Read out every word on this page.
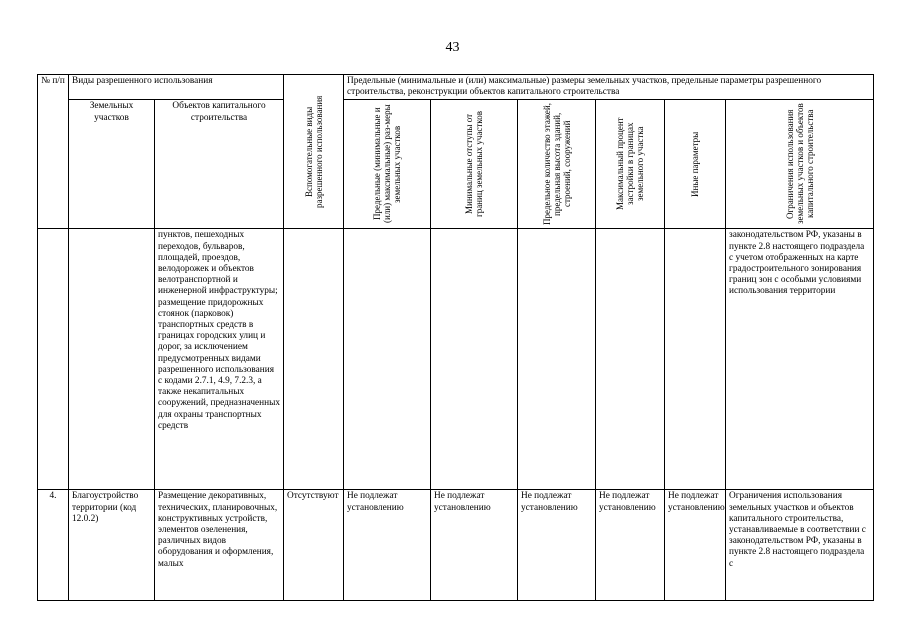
43
№ п/п	Виды разрешенного использования		Вспомогательные виды разрешенного использования	Предельные (минимальные и (или) максимальные) размеры земельных участков, предельные параметры разрешенного строительства, реконструкции объектов капитального строительства					
	Земельных участков	Объектов капитального строительства		Предельные (минимальные и (или) максимальные) раз-меры земельных участков	Минимальные отступы от границ земельных участков	Предельное количество этажей, предельная высота зданий, строений, сооружений	Максимальный процент застройки в границах земельного участка	Иные параметры	Ограничения использования земельных участков и объектов капитального строительства

		пунктов, пешеходных переходов, бульваров, площадей, проездов, велодорожек и объектов велотранспортной и инженерной инфраструктуры; размещение придорожных стоянок (парковок) транспортных средств в границах городских улиц и дорог, за исключением предусмотренных видами разрешенного использования с кодами 2.7.1, 4.9, 7.2.3, а также некапитальных сооружений, предназначенных для охраны транспортных средств							законодательством РФ, указаны в пункте 2.8 настоящего подраздела с учетом отображенных на карте градостроительного зонирования границ зон с особыми условиями использования территории
4.	Благоустройство территории (код 12.0.2)	Размещение декоративных, технических, планировочных, конструктивных устройств, элементов озеленения, различных видов оборудования и оформления, малых	Отсутствуют	Не подлежат установлению	Не подлежат установлению	Не подлежат установлению	Не подлежат установлению	Не подлежат установлению	Ограничения использования земельных участков и объектов капитального строительства, устанавливаемые в соответствии с законодательством РФ, указаны в пункте 2.8 настоящего подраздела с
